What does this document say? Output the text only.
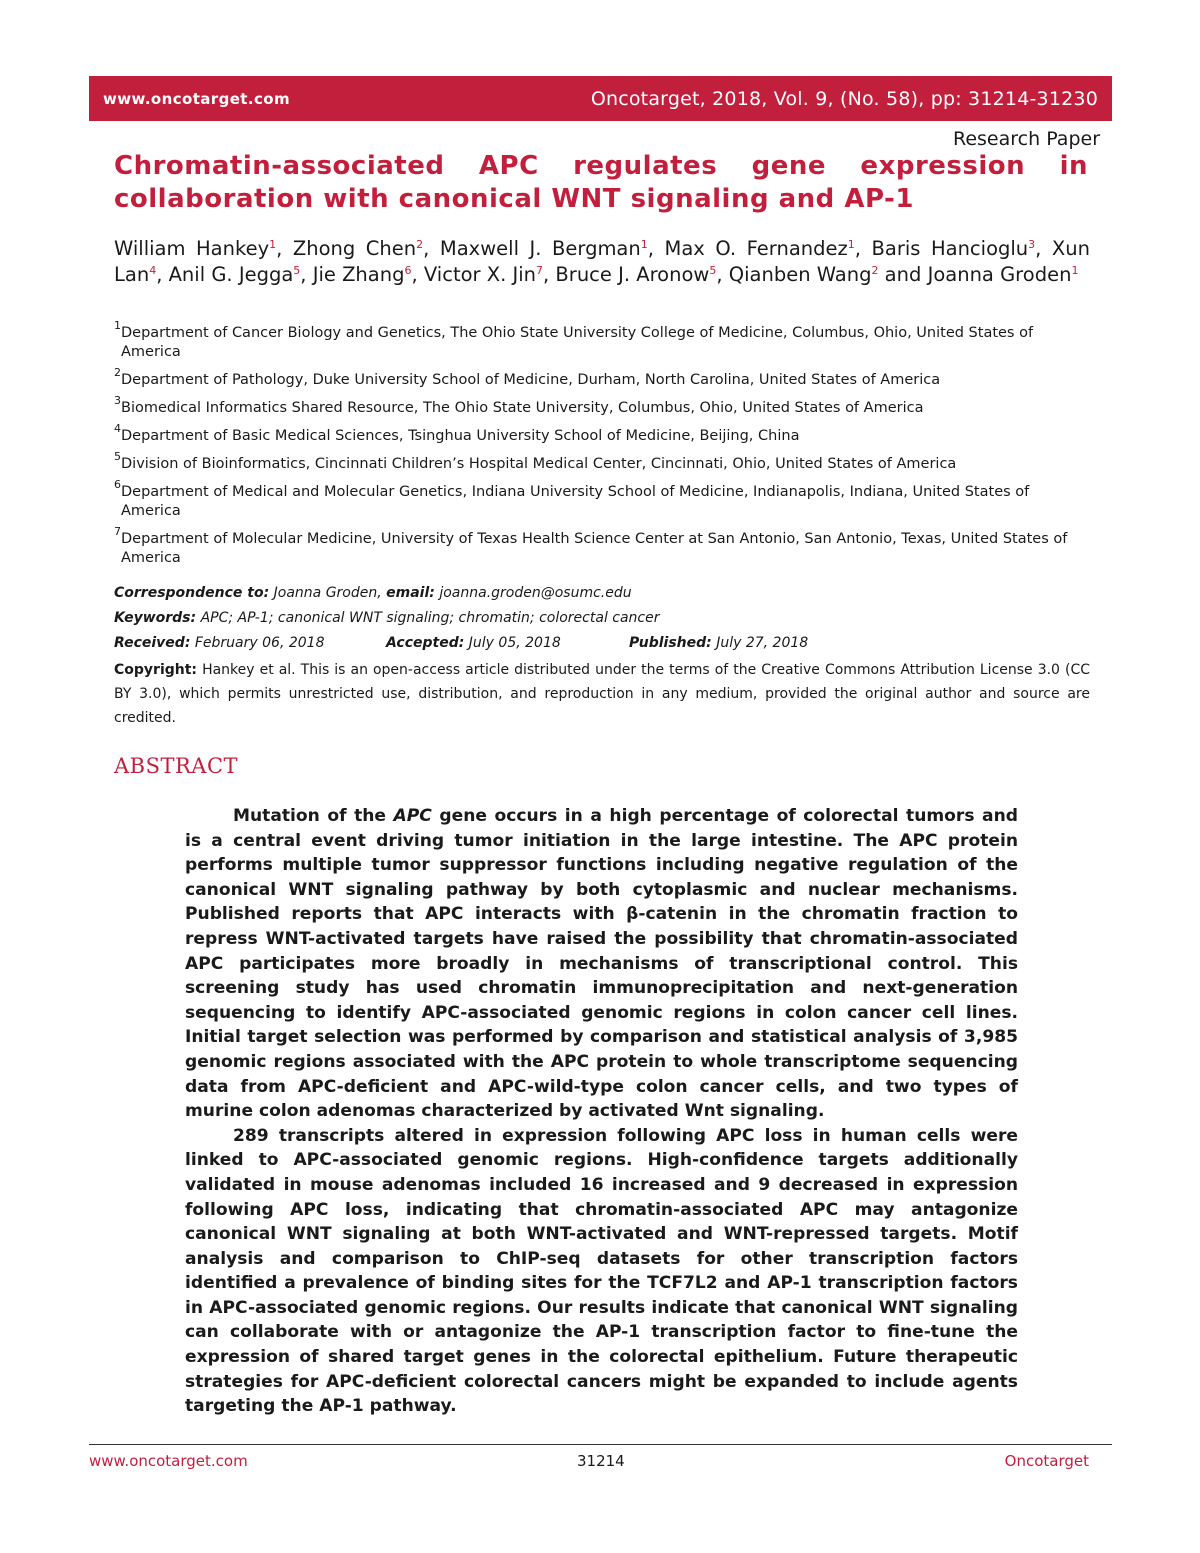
www.oncotarget.com	Oncotarget, 2018, Vol. 9, (No. 58), pp: 31214-31230
Research Paper
Chromatin-associated APC regulates gene expression in collaboration with canonical WNT signaling and AP-1

William Hankey$^1$, Zhong Chen$^2$, Maxwell J. Bergman$^1$, Max O. Fernandez$^1$, Baris Hancioglu$^3$, Xun Lan$^4$, Anil G. Jegga$^5$, Jie Zhang$^6$, Victor X. Jin$^7$, Bruce J. Aronow$^5$, Qianben Wang$^2$ and Joanna Groden$^1$

1 Department of Cancer Biology and Genetics, The Ohio State University College of Medicine, Columbus, Ohio, United States of America
2 Department of Pathology, Duke University School of Medicine, Durham, North Carolina, United States of America
3 Biomedical Informatics Shared Resource, The Ohio State University, Columbus, Ohio, United States of America
4 Department of Basic Medical Sciences, Tsinghua University School of Medicine, Beijing, China
5 Division of Bioinformatics, Cincinnati Children’s Hospital Medical Center, Cincinnati, Ohio, United States of America
6 Department of Medical and Molecular Genetics, Indiana University School of Medicine, Indianapolis, Indiana, United States of America
7 Department of Molecular Medicine, University of Texas Health Science Center at San Antonio, San Antonio, Texas, United States of America
Correspondence to: Joanna Groden, email: joanna.groden@osumc.edu
Keywords: APC; AP-1; canonical WNT signaling; chromatin; colorectal cancer
Received: February 06, 2018	Accepted: July 05, 2018	Published: July 27, 2018
Copyright: Hankey et al. This is an open-access article distributed under the terms of the Creative Commons Attribution License 3.0 (CC BY 3.0), which permits unrestricted use, distribution, and reproduction in any medium, provided the original author and source are credited.
ABSTRACT

Mutation of the APC gene occurs in a high percentage of colorectal tumors and is a central event driving tumor initiation in the large intestine. The APC protein performs multiple tumor suppressor functions including negative regulation of the canonical WNT signaling pathway by both cytoplasmic and nuclear mechanisms. Published reports that APC interacts with β-catenin in the chromatin fraction to repress WNT-activated targets have raised the possibility that chromatin-associated APC participates more broadly in mechanisms of transcriptional control. This screening study has used chromatin immunoprecipitation and next-generation sequencing to identify APC-associated genomic regions in colon cancer cell lines. Initial target selection was performed by comparison and statistical analysis of 3,985 genomic regions associated with the APC protein to whole transcriptome sequencing data from APC-deficient and APC-wild-type colon cancer cells, and two types of murine colon adenomas characterized by activated Wnt signaling.

289 transcripts altered in expression following APC loss in human cells were linked to APC-associated genomic regions. High-confidence targets additionally validated in mouse adenomas included 16 increased and 9 decreased in expression following APC loss, indicating that chromatin-associated APC may antagonize canonical WNT signaling at both WNT-activated and WNT-repressed targets. Motif analysis and comparison to ChIP-seq datasets for other transcription factors identified a prevalence of binding sites for the TCF7L2 and AP-1 transcription factors in APC-associated genomic regions. Our results indicate that canonical WNT signaling can collaborate with or antagonize the AP-1 transcription factor to fine-tune the expression of shared target genes in the colorectal epithelium. Future therapeutic strategies for APC-deficient colorectal cancers might be expanded to include agents targeting the AP-1 pathway.

www.oncotarget.com	31214	Oncotarget
